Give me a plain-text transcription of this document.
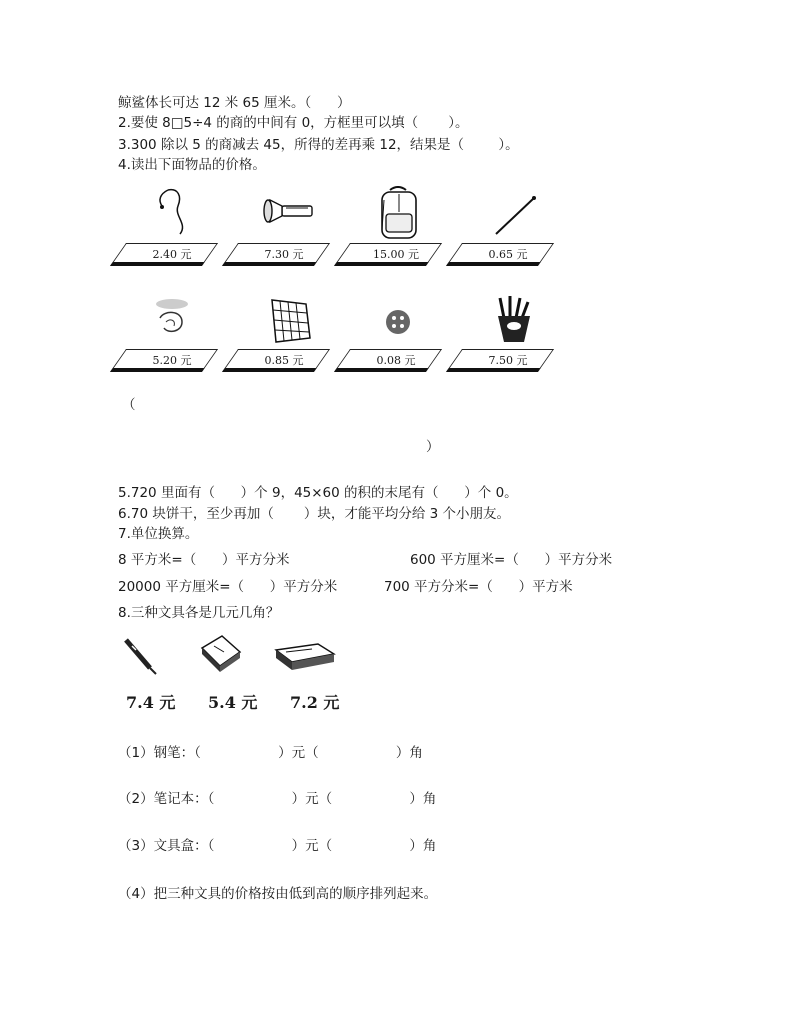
鲸鲨体长可达 12 米 65 厘米。（      ）
2.要使 8□5÷4 的商的中间有 0，方框里可以填（       ）。
3.300 除以 5 的商减去 45，所得的差再乘 12，结果是（        ）。
4.读出下面物品的价格。
2.40 元	7.30 元	15.00 元	0.65 元
5.20 元	0.85 元	0.08 元	7.50 元
（
）
5.720 里面有（      ）个 9，45×60 的积的末尾有（      ）个 0。
6.70 块饼干，至少再加（       ）块，才能平均分给 3 个小朋友。
7.单位换算。
8 平方米=（      ）平方分米	600 平方厘米=（      ）平方分米
20000 平方厘米=（      ）平方分米	700 平方分米=（      ）平方米
8.三种文具各是几元几角？
7.4 元 5.4 元 7.2 元
（1）钢笔：（                  ）元（                  ）角
（2）笔记本：（                  ）元（                  ）角
（3）文具盒：（                  ）元（                  ）角
（4）把三种文具的价格按由低到高的顺序排列起来。
